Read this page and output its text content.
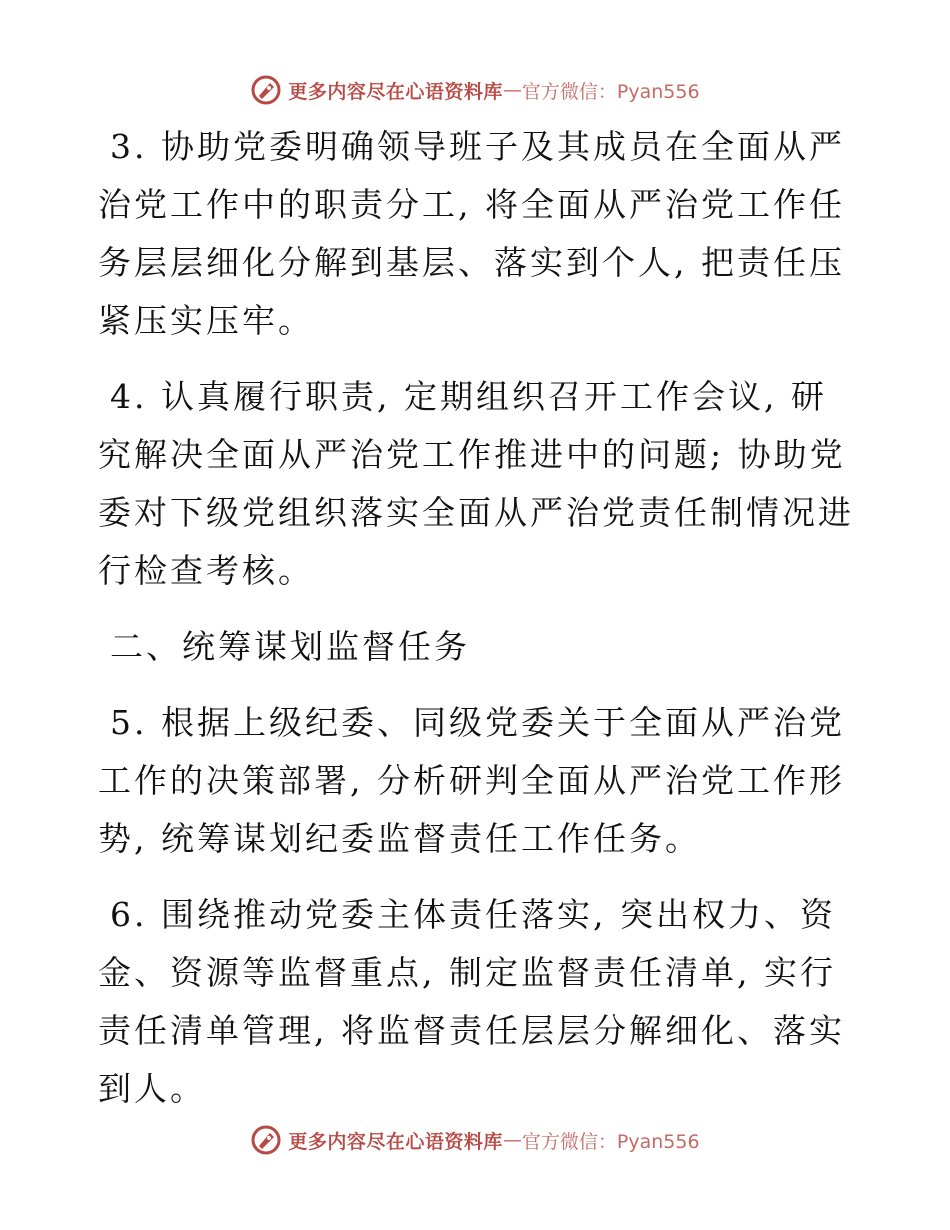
更多内容尽在心语资料库 — 官方微信：Pyan556

3. 协助党委明确领导班子及其成员在全面从严治党工作中的职责分工, 将全面从严治党工作任务层层细化分解到基层、落实到个人, 把责任压紧压实压牢。

4. 认真履行职责, 定期组织召开工作会议, 研究解决全面从严治党工作推进中的问题; 协助党委对下级党组织落实全面从严治党责任制情况进行检查考核。

二、统筹谋划监督任务

5. 根据上级纪委、同级党委关于全面从严治党工作的决策部署, 分析研判全面从严治党工作形势, 统筹谋划纪委监督责任工作任务。

6. 围绕推动党委主体责任落实, 突出权力、资金、资源等监督重点, 制定监督责任清单, 实行责任清单管理, 将监督责任层层分解细化、落实到人。

更多内容尽在心语资料库 — 官方微信：Pyan556
